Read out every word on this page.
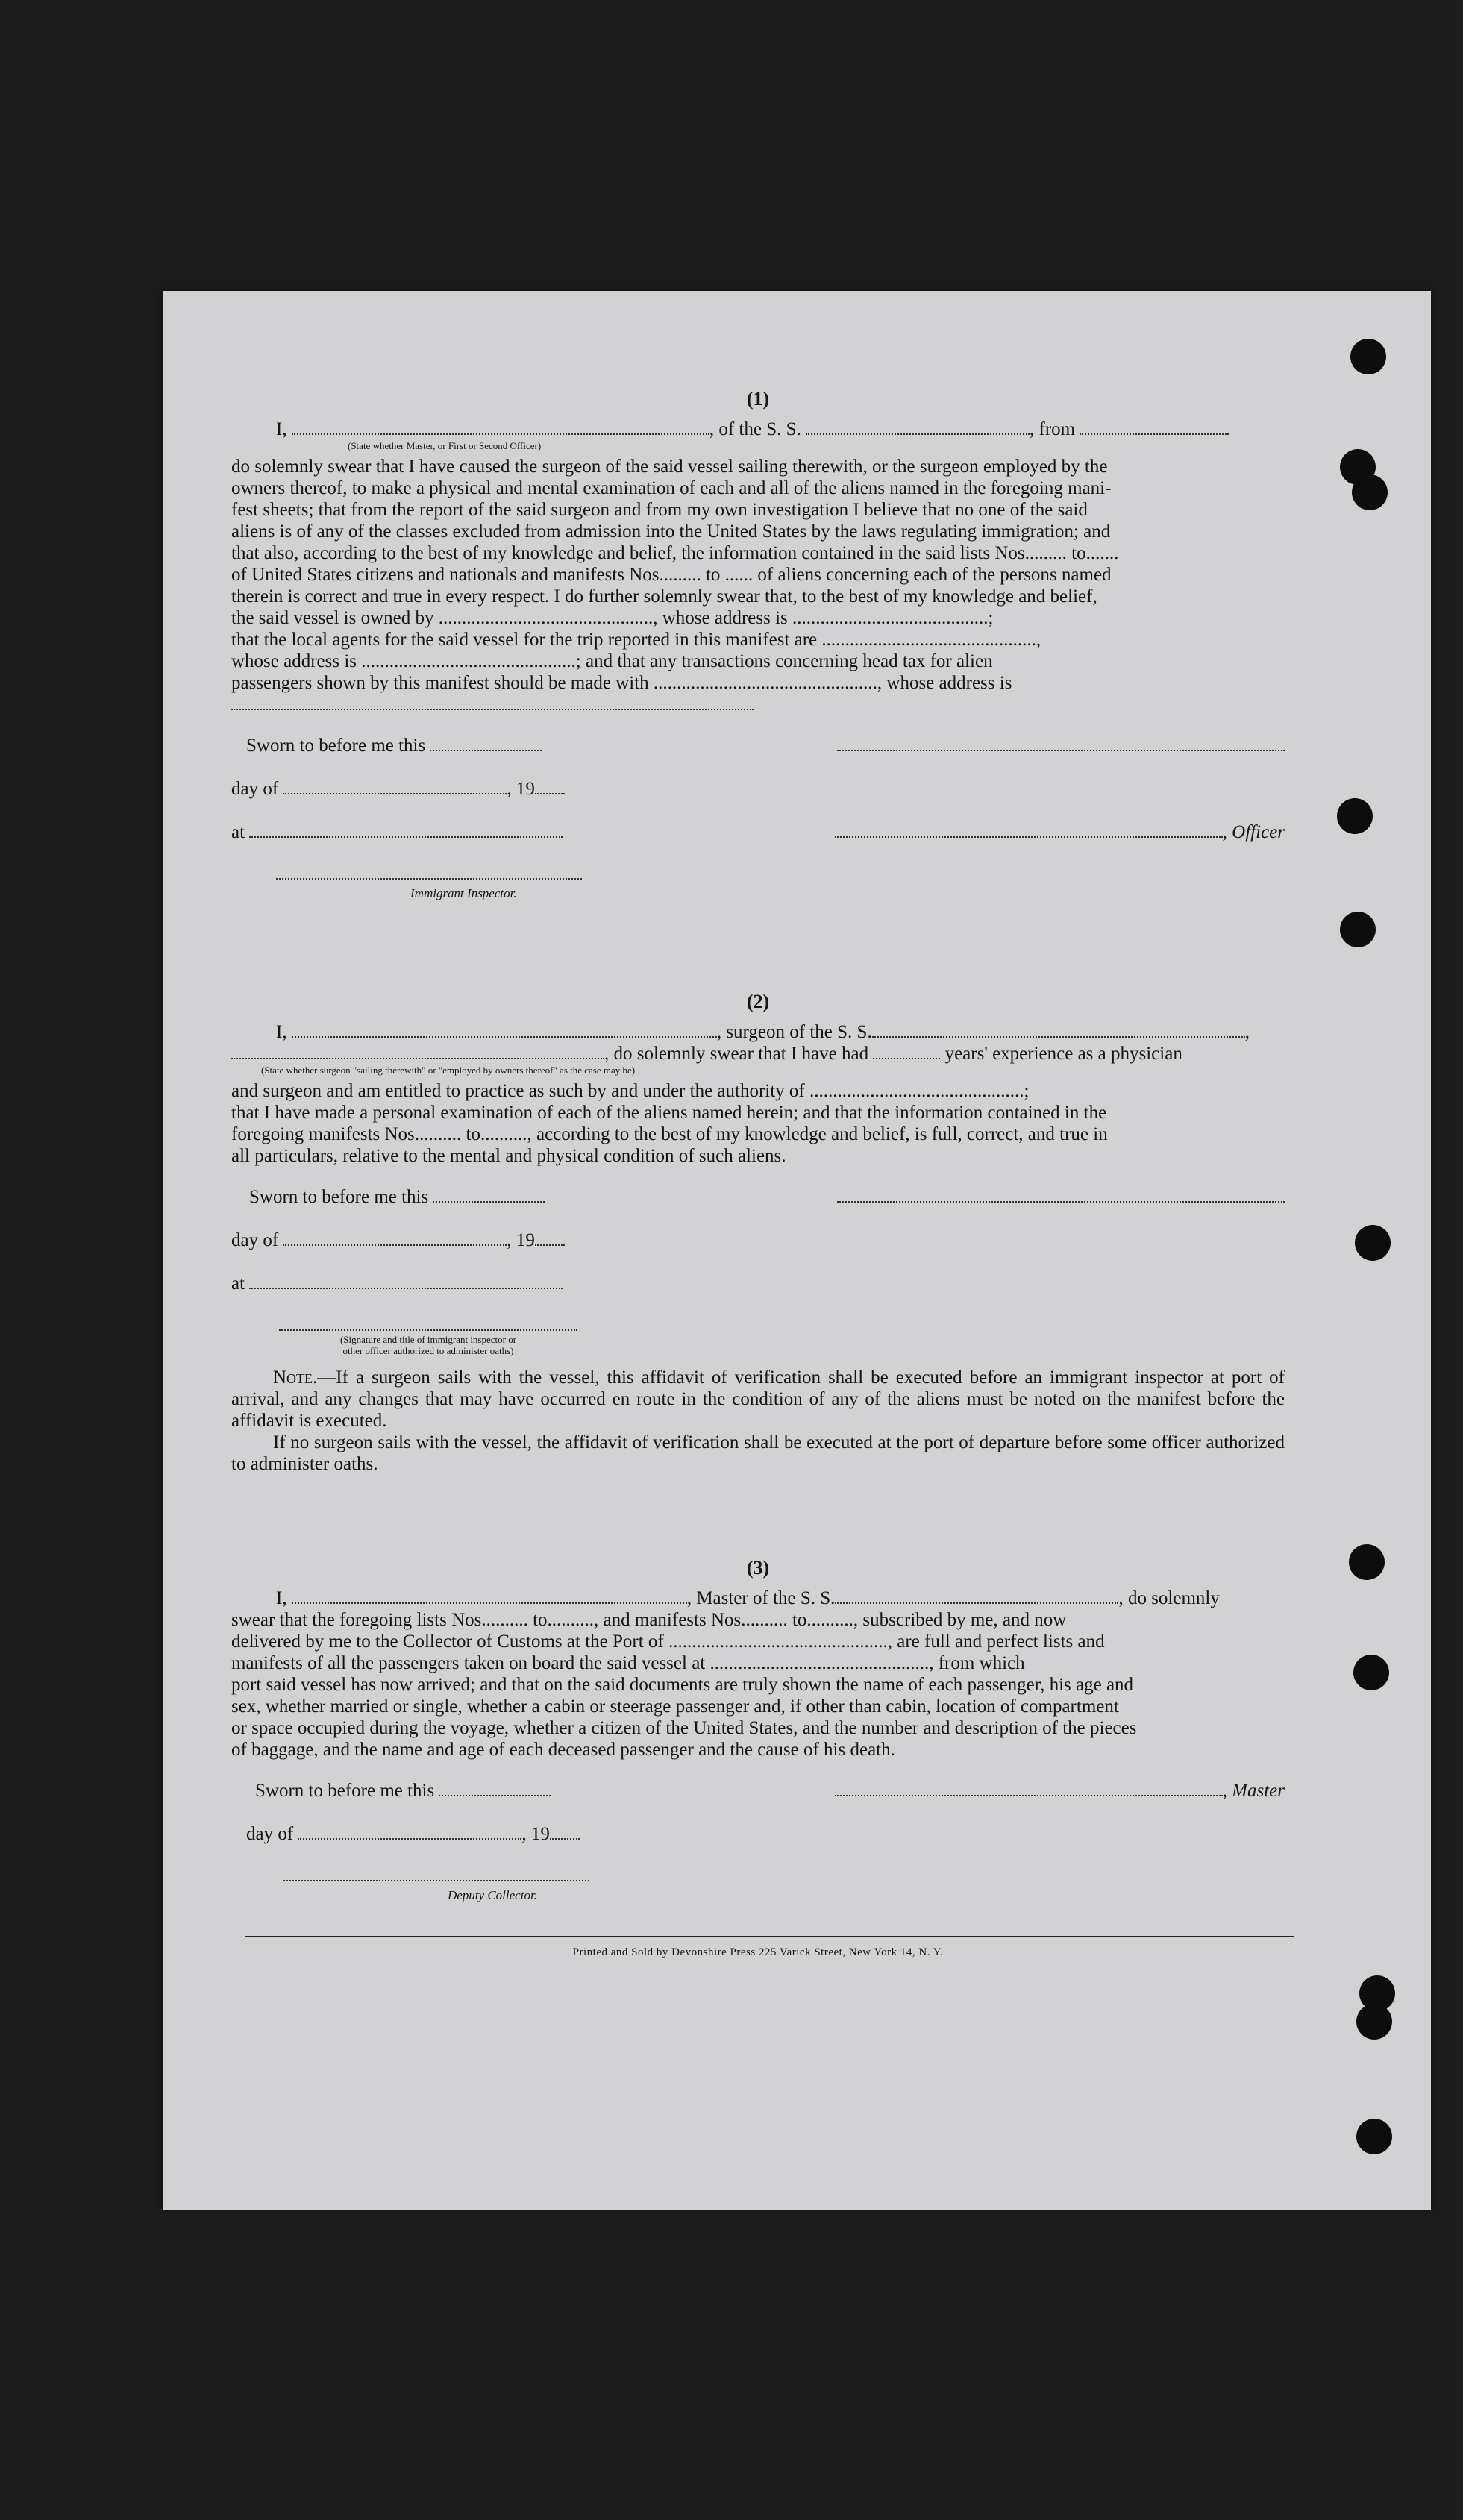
(1)
I,	, of the S. S.	, from
(State whether Master, or First or Second Officer)
do solemnly swear that I have caused the surgeon of the said vessel sailing therewith, or the surgeon employed by the
owners thereof, to make a physical and mental examination of each and all of the aliens named in the foregoing mani-
fest sheets; that from the report of the said surgeon and from my own investigation I believe that no one of the said
aliens is of any of the classes excluded from admission into the United States by the laws regulating immigration; and
that also, according to the best of my knowledge and belief, the information contained in the said lists Nos......... to.......
of United States citizens and nationals and manifests Nos......... to ...... of aliens concerning each of the persons named
therein is correct and true in every respect. I do further solemnly swear that, to the best of my knowledge and belief,
the said vessel is owned by .............................................., whose address is ..........................................;
that the local agents for the said vessel for the trip reported in this manifest are ..............................................,
whose address is ..............................................; and that any transactions concerning head tax for alien
passengers shown by this manifest should be made with ................................................, whose address is
Sworn to before me this
day of	, 19
at	, Officer
Immigrant Inspector.
(2)
I,	, surgeon of the S. S.	,
, do solemnly swear that I have had	years' experience as a physician
(State whether surgeon "sailing therewith" or "employed by owners thereof" as the case may be)
and surgeon and am entitled to practice as such by and under the authority of ..............................................;
that I have made a personal examination of each of the aliens named herein; and that the information contained in the
foregoing manifests Nos.......... to.........., according to the best of my knowledge and belief, is full, correct, and true in
all particulars, relative to the mental and physical condition of such aliens.
Sworn to before me this
day of	, 19
at
(Signature and title of immigrant inspector or
other officer authorized to administer oaths)

Note.—If a surgeon sails with the vessel, this affidavit of verification shall be executed before an immigrant inspector at port of arrival, and any changes that may have occurred en route in the condition of any of the aliens must be noted on the manifest before the affidavit is executed.

If no surgeon sails with the vessel, the affidavit of verification shall be executed at the port of departure before some officer authorized to administer oaths.

(3)
I,	, Master of the S. S.	, do solemnly
swear that the foregoing lists Nos.......... to.........., and manifests Nos.......... to.........., subscribed by me, and now
delivered by me to the Collector of Customs at the Port of ..............................................., are full and perfect lists and
manifests of all the passengers taken on board the said vessel at ..............................................., from which
port said vessel has now arrived; and that on the said documents are truly shown the name of each passenger, his age and
sex, whether married or single, whether a cabin or steerage passenger and, if other than cabin, location of compartment
or space occupied during the voyage, whether a citizen of the United States, and the number and description of the pieces
of baggage, and the name and age of each deceased passenger and the cause of his death.
Sworn to before me this	, Master
day of	, 19
Deputy Collector.
Printed and Sold by Devonshire Press 225 Varick Street, New York 14, N. Y.
